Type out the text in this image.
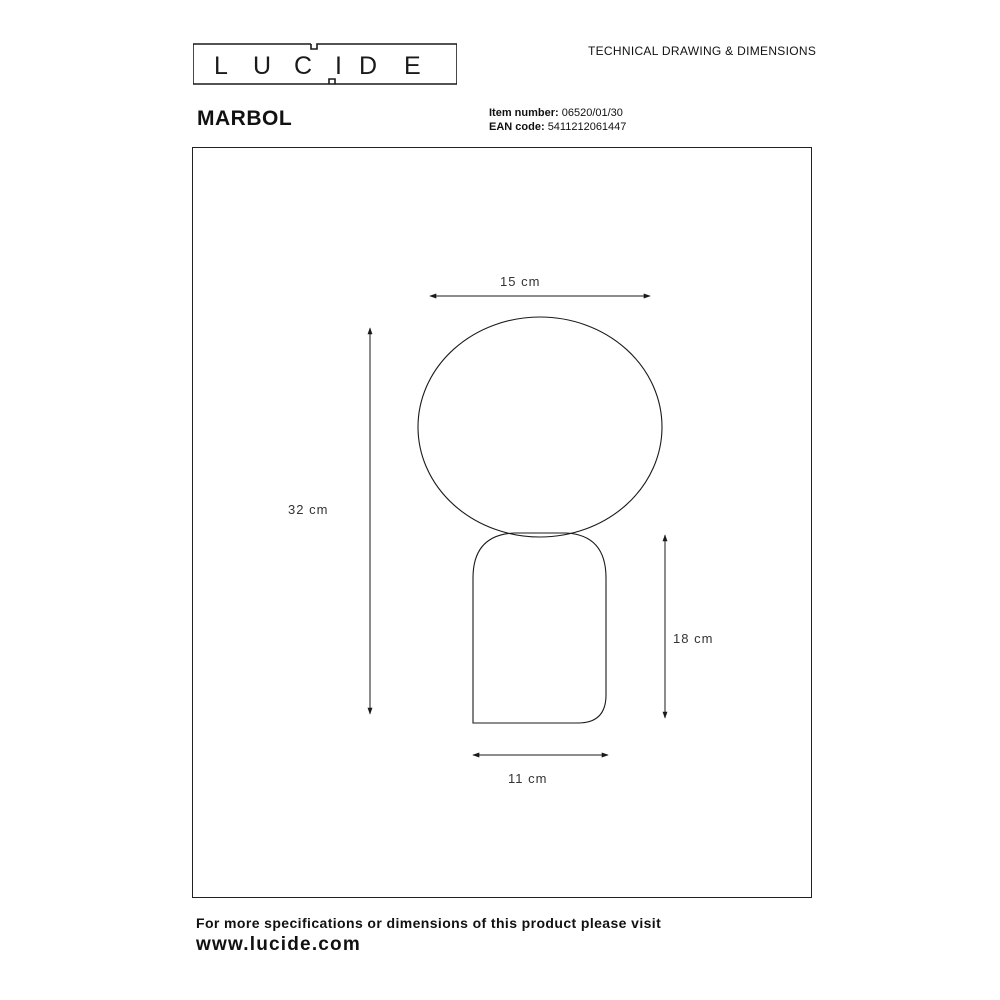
L U C I D E
TECHNICAL DRAWING & DIMENSIONS
MARBOL	Item number: 06520/01/30
EAN code: 5411212061447
15 cm
32 cm
18 cm
11 cm
For more specifications or dimensions of this product please visit
www.lucide.com
